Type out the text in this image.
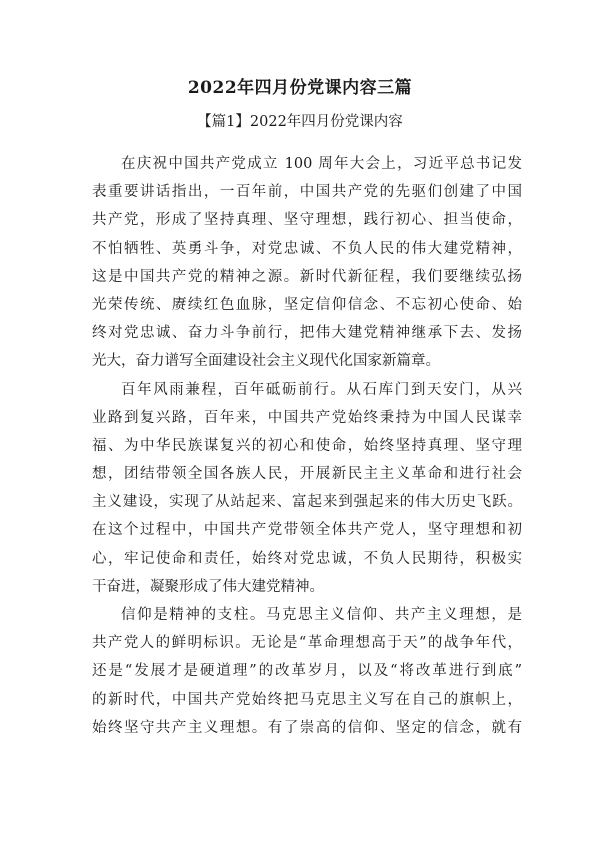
2022年四月份党课内容三篇
【篇1】2022年四月份党课内容
在庆祝中国共产党成立 100 周年大会上，习近平总书记发
表重要讲话指出，一百年前，中国共产党的先驱们创建了中国
共产党，形成了坚持真理、坚守理想，践行初心、担当使命，
不怕牺牲、英勇斗争，对党忠诚、不负人民的伟大建党精神，
这是中国共产党的精神之源。新时代新征程，我们要继续弘扬
光荣传统、赓续红色血脉，坚定信仰信念、不忘初心使命、始
终对党忠诚、奋力斗争前行，把伟大建党精神继承下去、发扬
光大，奋力谱写全面建设社会主义现代化国家新篇章。
百年风雨兼程，百年砥砺前行。从石库门到天安门，从兴
业路到复兴路，百年来，中国共产党始终秉持为中国人民谋幸
福、为中华民族谋复兴的初心和使命，始终坚持真理、坚守理
想，团结带领全国各族人民，开展新民主主义革命和进行社会
主义建设，实现了从站起来、富起来到强起来的伟大历史飞跃。
在这个过程中，中国共产党带领全体共产党人，坚守理想和初
心，牢记使命和责任，始终对党忠诚，不负人民期待，积极实
干奋进，凝聚形成了伟大建党精神。
信仰是精神的支柱。马克思主义信仰、共产主义理想，是
共产党人的鲜明标识。无论是“革命理想高于天”的战争年代，
还是“发展才是硬道理”的改革岁月，以及“将改革进行到底”
的新时代，中国共产党始终把马克思主义写在自己的旗帜上，
始终坚守共产主义理想。有了崇高的信仰、坚定的信念，就有
